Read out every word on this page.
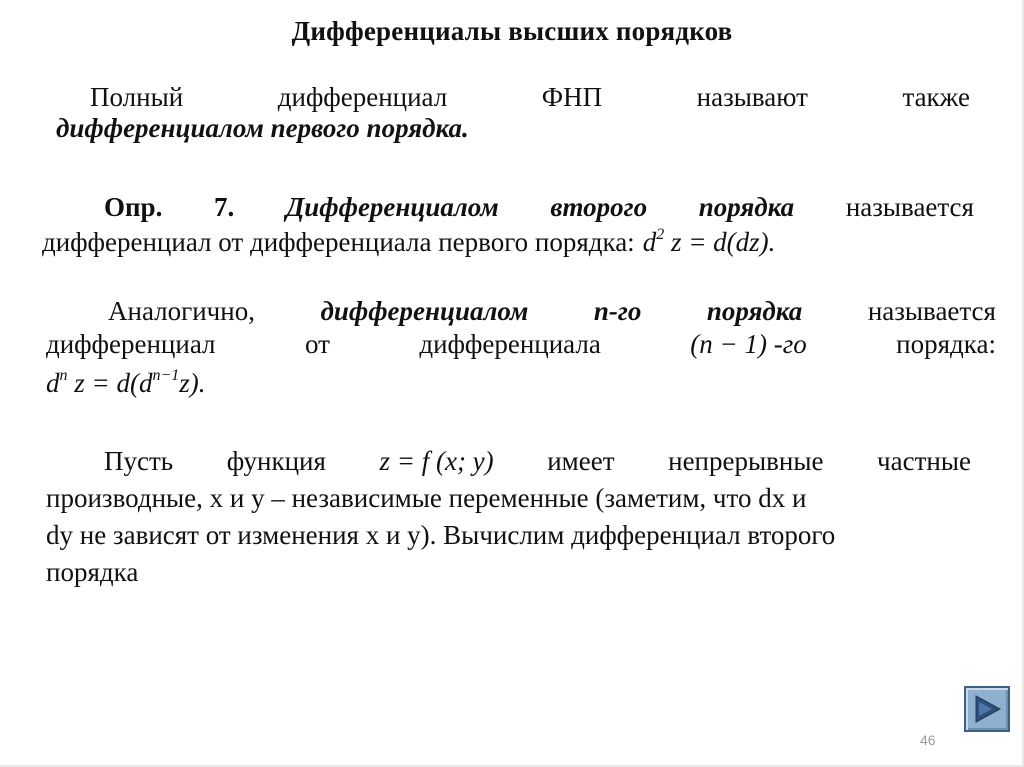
Дифференциалы высших порядков
Полный	дифференциал	ФНП	называют	также
дифференциалом первого порядка.
Опр. 7. Дифференциалом второго порядка называется
дифференциал от дифференциала первого порядка: $d^2$ z = d(dz).
Аналогично, дифференциалом n-го порядка называется
дифференциал	от	дифференциала	(n − 1) -го	порядка:
$d^n$ $z = d(d^{n-1}z)$.
Пусть функция z = f (x; y) имеет непрерывные частные
производные, x и y – независимые переменные (заметим, что dx и
dy не зависят от изменения x и y). Вычислим дифференциал второго
порядка
46
